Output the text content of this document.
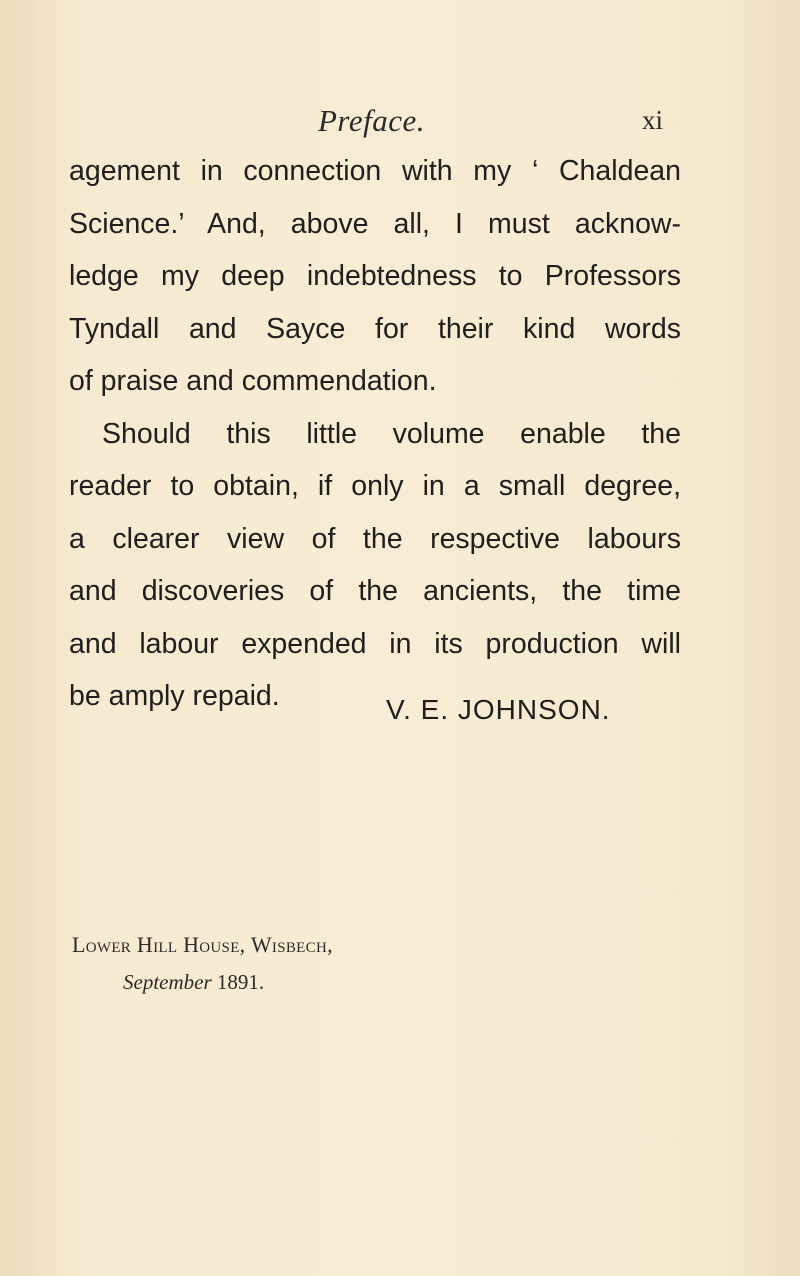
Preface.	xi
agement in connection with my ‘ Chaldean
Science.’ And, above all, I must acknow-
ledge my deep indebtedness to Professors
Tyndall and Sayce for their kind words
of praise and commendation.
Should this little volume enable the
reader to obtain, if only in a small degree,
a clearer view of the respective labours
and discoveries of the ancients, the time
and labour expended in its production will
be amply repaid.	V. E. JOHNSON.
Lower Hill House, Wisbech,
September 1891.
